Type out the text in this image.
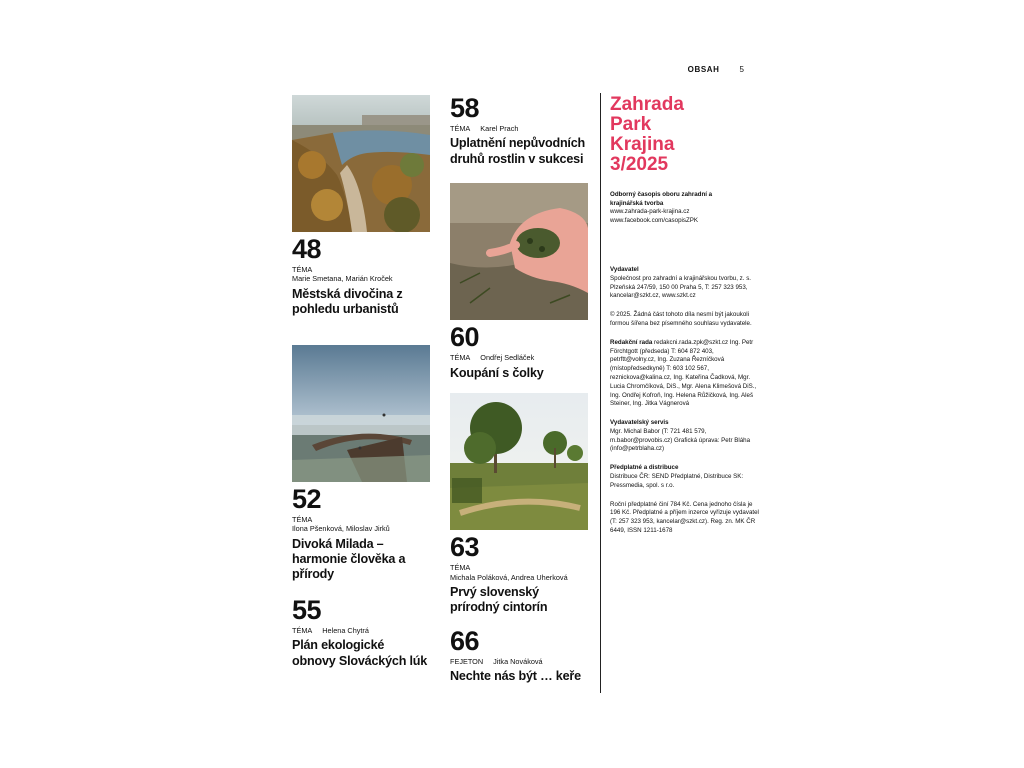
OBSAH	5
48
TÉMA
Marie Smetana, Marián Kroček
Městská divočina z pohledu urbanistů
52
TÉMA
Ilona Pšenková, Miloslav Jirků
Divoká Milada – harmonie člověka a přírody
55
TÉMA Helena Chytrá
Plán ekologické obnovy Slováckých lúk
58
TÉMA Karel Prach
Uplatnění nepůvodních druhů rostlin v sukcesi
60
TÉMA Ondřej Sedláček
Koupání s čolky
63
TÉMA
Michala Poláková, Andrea Uherková
Prvý slovenský prírodný cintorín
66
FEJETON Jitka Nováková
Nechte nás být … keře
Zahrada
Park
Krajina
3/2025

Odborný časopis oboru zahradní a krajinářská tvorba

www.zahrada-park-krajina.cz

www.facebook.com/casopisZPK

Vydavatel

Společnost pro zahradní a krajinářskou tvorbu, z. s. Plzeňská 247/59, 150 00 Praha 5, T: 257 323 953, kancelar@szkt.cz, www.szkt.cz

© 2025. Žádná část tohoto díla nesmí být jakoukoli formou šířena bez písemného souhlasu vydavatele.

Redakční rada redakcni.rada.zpk@szkt.cz Ing. Petr Förchtgott (předseda) T: 604 872 403, petrftt@volny.cz, Ing. Zuzana Řezníčková (místopředsedkyně) T: 603 102 567, reznickova@kalina.cz, Ing. Kateřina Čadková, Mgr. Lucia Chromčíková, DiS., Mgr. Alena Klimešová DiS., Ing. Ondřej Kofroň, Ing. Helena Růžičková, Ing. Aleš Steiner, Ing. Jitka Vágnerová

Vydavatelský servis

Mgr. Michal Babor (T: 721 481 579, m.babor@provobis.cz) Grafická úprava: Petr Bláha (info@petrblaha.cz)

Předplatné a distribuce

Distribuce ČR: SEND Předplatné, Distribuce SK: Pressmedia, spol. s r.o.

Roční předplatné činí 784 Kč. Cena jednoho čísla je 196 Kč. Předplatné a příjem inzerce vyřizuje vydavatel (T: 257 323 953, kancelar@szkt.cz). Reg. zn. MK ČR 6449, ISSN 1211-1678
